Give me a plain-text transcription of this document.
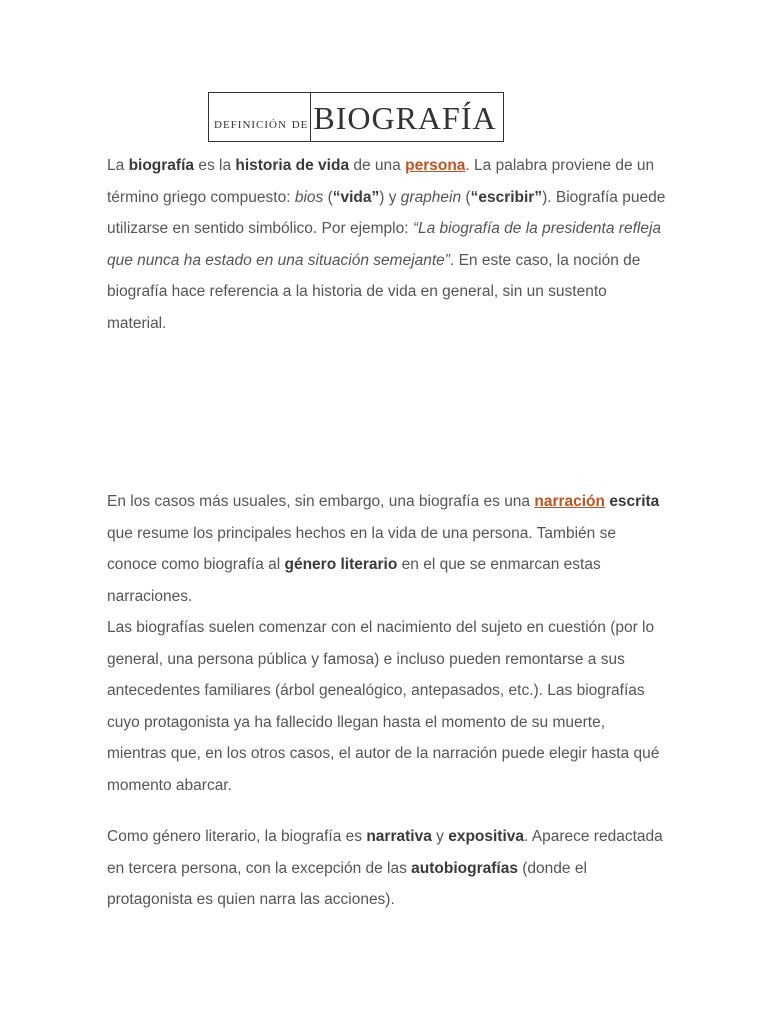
definición de BIOGRAFÍA

La biografía es la historia de vida de una persona. La palabra proviene de un término griego compuesto: bios (“vida”) y graphein (“escribir”). Biografía puede utilizarse en sentido simbólico. Por ejemplo: “La biografía de la presidenta refleja que nunca ha estado en una situación semejante”. En este caso, la noción de biografía hace referencia a la historia de vida en general, sin un sustento material.

En los casos más usuales, sin embargo, una biografía es una narración escrita que resume los principales hechos en la vida de una persona. También se conoce como biografía al género literario en el que se enmarcan estas narraciones.

Las biografías suelen comenzar con el nacimiento del sujeto en cuestión (por lo general, una persona pública y famosa) e incluso pueden remontarse a sus antecedentes familiares (árbol genealógico, antepasados, etc.). Las biografías cuyo protagonista ya ha fallecido llegan hasta el momento de su muerte, mientras que, en los otros casos, el autor de la narración puede elegir hasta qué momento abarcar.

Como género literario, la biografía es narrativa y expositiva. Aparece redactada en tercera persona, con la excepción de las autobiografías (donde el protagonista es quien narra las acciones).
